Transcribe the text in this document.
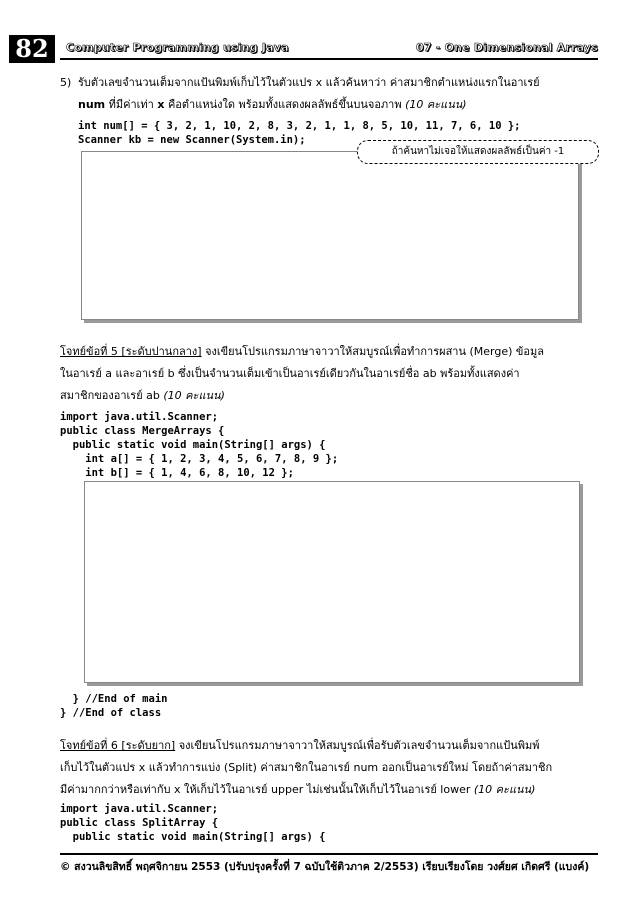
82	Computer Programming using Java	07 - One Dimensional Arrays
5) รับตัวเลขจำนวนเต็มจากแป้นพิมพ์เก็บไว้ในตัวแปร x แล้วค้นหาว่า ค่าสมาชิกตำแหน่งแรกในอาเรย์
num ที่มีค่าเท่า x คือตำแหน่งใด พร้อมทั้งแสดงผลลัพธ์ขึ้นบนจอภาพ (10 คะแนน)
int num[] = { 3, 2, 1, 10, 2, 8, 3, 2, 1, 1, 8, 5, 10, 11, 7, 6, 10 };
Scanner kb = new Scanner(System.in);
ถ้าค้นหาไม่เจอให้แสดงผลลัพธ์เป็นค่า -1
โจทย์ข้อที่ 5 [ระดับปานกลาง] จงเขียนโปรแกรมภาษาจาวาให้สมบูรณ์เพื่อทำการผสาน (Merge) ข้อมูล
ในอาเรย์ a และอาเรย์ b ซึ่งเป็นจำนวนเต็มเข้าเป็นอาเรย์เดียวกันในอาเรย์ชื่อ ab พร้อมทั้งแสดงค่า
สมาชิกของอาเรย์ ab (10 คะแนน)
import java.util.Scanner;
public class MergeArrays {
public static void main(String[] args) {
int a[] = { 1, 2, 3, 4, 5, 6, 7, 8, 9 };
int b[] = { 1, 4, 6, 8, 10, 12 };
} //End of main
} //End of class
โจทย์ข้อที่ 6 [ระดับยาก] จงเขียนโปรแกรมภาษาจาวาให้สมบูรณ์เพื่อรับตัวเลขจำนวนเต็มจากแป้นพิมพ์
เก็บไว้ในตัวแปร x แล้วทำการแบ่ง (Split) ค่าสมาชิกในอาเรย์ num ออกเป็นอาเรย์ใหม่ โดยถ้าค่าสมาชิก
มีค่ามากกว่าหรือเท่ากับ x ให้เก็บไว้ในอาเรย์ upper ไม่เช่นนั้นให้เก็บไว้ในอาเรย์ lower (10 คะแนน)
import java.util.Scanner;
public class SplitArray {
public static void main(String[] args) {
© สงวนลิขสิทธิ์ พฤศจิกายน 2553 (ปรับปรุงครั้งที่ 7 ฉบับใช้ติวภาค 2/2553) เรียบเรียงโดย วงศ์ยศ เกิดศรี (แบงค์)
